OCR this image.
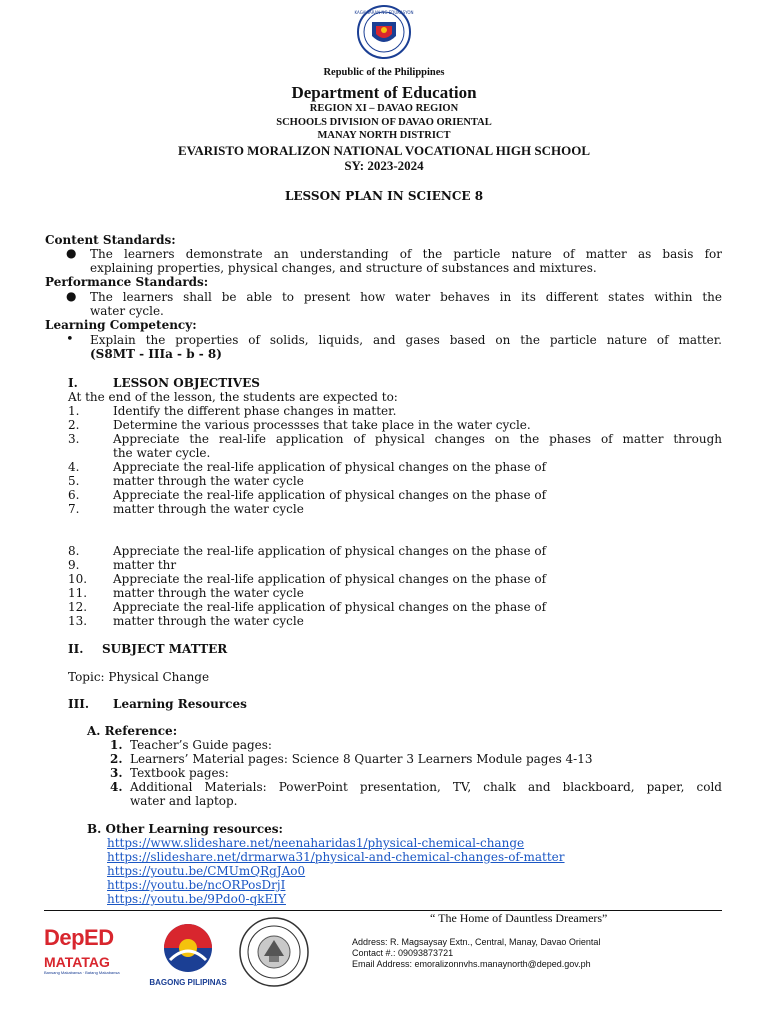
KAGAWARAN NG EDUKASYON
Republic of the Philippines
Department of Education
REGION XI – DAVAO REGION
SCHOOLS DIVISION OF DAVAO ORIENTAL
MANAY NORTH DISTRICT
EVARISTO MORALIZON NATIONAL VOCATIONAL HIGH SCHOOL
SY: 2023-2024
LESSON PLAN IN SCIENCE 8
Content Standards:
● The learners demonstrate an understanding of the particle nature of matter as basis for
explaining properties, physical changes, and structure of substances and mixtures.
Performance Standards:
● The learners shall be able to present how water behaves in its different states within the
water cycle.
Learning Competency:
• Explain the properties of solids, liquids, and gases based on the particle nature of matter.
(S8MT - IIIa - b - 8)
I.	LESSON OBJECTIVES
At the end of the lesson, the students are expected to:
1.	Identify the different phase changes in matter.
2.	Determine the various processses that take place in the water cycle.
3.	Appreciate the real-life application of physical changes on the phases of matter through
the water cycle.
4.	Appreciate the real-life application of physical changes on the phase of
5.	matter through the water cycle
6.	Appreciate the real-life application of physical changes on the phase of
7.	matter through the water cycle
8.	Appreciate the real-life application of physical changes on the phase of
9.	matter thr
10. Appreciate the real-life application of physical changes on the phase of
11. matter through the water cycle
12. Appreciate the real-life application of physical changes on the phase of
13. matter through the water cycle
II. SUBJECT MATTER
Topic: Physical Change
III. Learning Resources
A. Reference:
1. Teacher’s Guide pages:
2. Learners’ Material pages: Science 8 Quarter 3 Learners Module pages 4-13
3. Textbook pages:
4. Additional Materials: PowerPoint presentation, TV, chalk and blackboard, paper, cold
water and laptop.
B. Other Learning resources:
https://www.slideshare.net/neenaharidas1/physical-chemical-change
https://slideshare.net/drmarwa31/physical-and-chemical-changes-of-matter
https://youtu.be/CMUmQRgJAo0
https://youtu.be/ncORPosDrjI
https://youtu.be/9Pdo0-qkEIY
“ The Home of Dauntless Dreamers”
DepED
MATATAG
Bansang Makabansa · Batang Makabansa
BAGONG PILIPINAS
Address: R. Magsaysay Extn., Central, Manay, Davao Oriental
Contact #.: 09093873721
Email Address: emoralizonnvhs.manaynorth@deped.gov.ph
